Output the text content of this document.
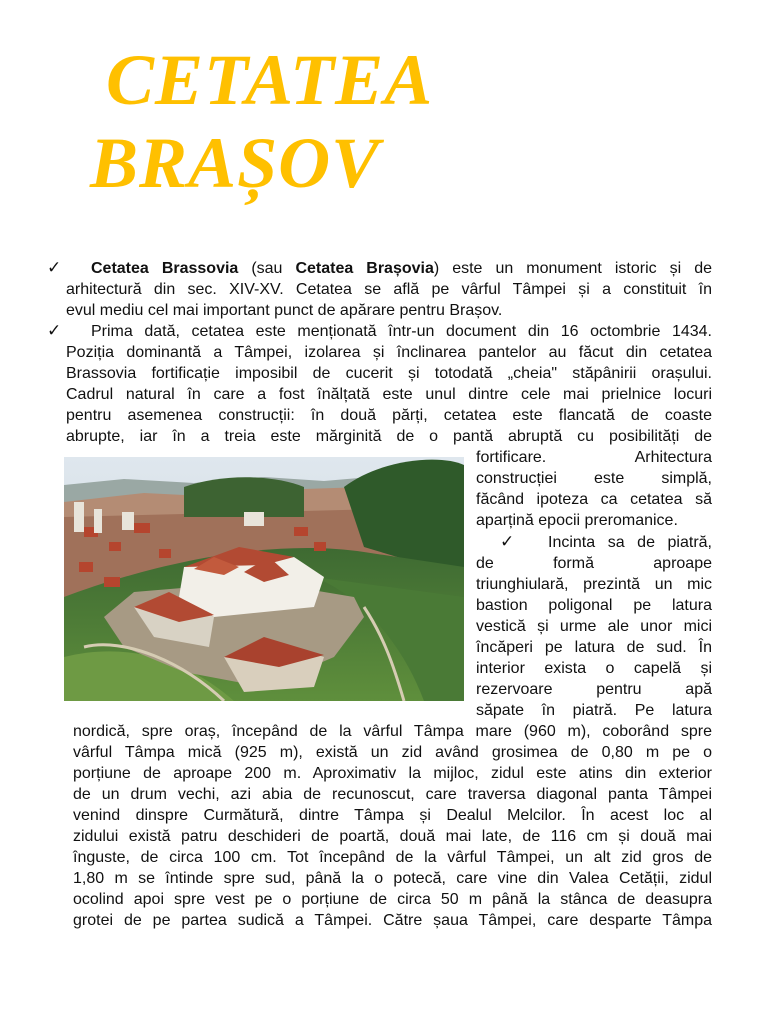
CETATEA
BRAȘOV
✓	Cetatea Brassovia (sau Cetatea Brașovia) este un monument istoric și de
arhitectură din sec. XIV-XV. Cetatea se află pe vârful Tâmpei și a constituit în
evul mediu cel mai important punct de apărare pentru Brașov.
✓	Prima dată, cetatea este menționată într-un document din 16 octombrie 1434.
Poziția dominantă a Tâmpei, izolarea și înclinarea pantelor au făcut din cetatea
Brassovia fortificație imposibil de cucerit și totodată „cheia" stăpânirii orașului.
Cadrul natural în care a fost înălțată este unul dintre cele mai prielnice locuri
pentru asemenea construcții: în două părți, cetatea este flancată de coaste
abrupte, iar în a treia este mărginită de o pantă abruptă cu posibilități de
fortificare. Arhitectura
construcției este simplă,
făcând ipoteza ca cetatea să
aparțină epocii preromanice.
✓	Incinta sa de piatră,
de formă aproape
triunghiulară, prezintă un mic
bastion poligonal pe latura
vestică și urme ale unor mici
încăperi pe latura de sud. În
interior exista o capelă și
rezervoare pentru apă
săpate în piatră. Pe latura
nordică, spre oraș, începând de la vârful Tâmpa mare (960 m), coborând spre
vârful Tâmpa mică (925 m), există un zid având grosimea de 0,80 m pe o
porțiune de aproape 200 m. Aproximativ la mijloc, zidul este atins din exterior
de un drum vechi, azi abia de recunoscut, care traversa diagonal panta Tâmpei
venind dinspre Curmătură, dintre Tâmpa și Dealul Melcilor. În acest loc al
zidului există patru deschideri de poartă, două mai late, de 116 cm și două mai
înguste, de circa 100 cm. Tot începând de la vârful Tâmpei, un alt zid gros de
1,80 m se întinde spre sud, până la o potecă, care vine din Valea Cetății, zidul
ocolind apoi spre vest pe o porțiune de circa 50 m până la stânca de deasupra
grotei de pe partea sudică a Tâmpei. Către șaua Tâmpei, care desparte Tâmpa
